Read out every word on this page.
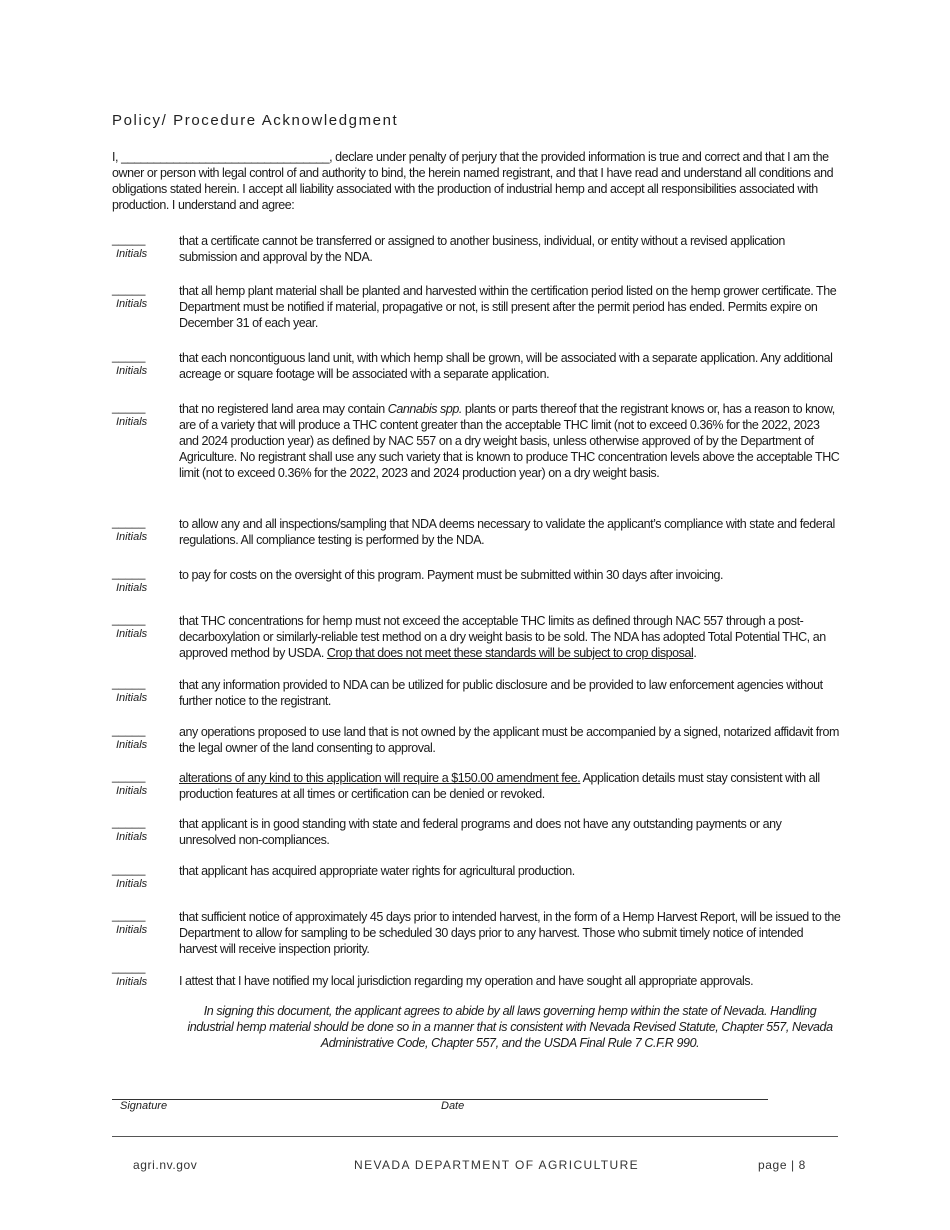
Policy/ Procedure Acknowledgment
I, ________________________________, declare under penalty of perjury that the provided information is true and correct and that I am the owner or person with legal control of and authority to bind, the herein named registrant, and that I have read and understand all conditions and obligations stated herein. I accept all liability associated with the production of industrial hemp and accept all responsibilities associated with production. I understand and agree:
_____
Initials
that a certificate cannot be transferred or assigned to another business, individual, or entity without a revised application submission and approval by the NDA.
_____
Initials
that all hemp plant material shall be planted and harvested within the certification period listed on the hemp grower certificate. The Department must be notified if material, propagative or not, is still present after the permit period has ended. Permits expire on December 31 of each year.
_____
Initials
that each noncontiguous land unit, with which hemp shall be grown, will be associated with a separate application. Any additional acreage or square footage will be associated with a separate application.
_____
Initials
that no registered land area may contain Cannabis spp. plants or parts thereof that the registrant knows or, has a reason to know, are of a variety that will produce a THC content greater than the acceptable THC limit (not to exceed 0.36% for the 2022, 2023 and 2024 production year) as defined by NAC 557 on a dry weight basis, unless otherwise approved of by the Department of Agriculture. No registrant shall use any such variety that is known to produce THC concentration levels above the acceptable THC limit (not to exceed 0.36% for the 2022, 2023 and 2024 production year) on a dry weight basis.
_____
Initials
to allow any and all inspections/sampling that NDA deems necessary to validate the applicant’s compliance with state and federal regulations. All compliance testing is performed by the NDA.
_____
Initials
to pay for costs on the oversight of this program. Payment must be submitted within 30 days after invoicing.
_____
Initials
that THC concentrations for hemp must not exceed the acceptable THC limits as defined through NAC 557 through a post-decarboxylation or similarly-reliable test method on a dry weight basis to be sold. The NDA has adopted Total Potential THC, an approved method by USDA. Crop that does not meet these standards will be subject to crop disposal.
_____
Initials
that any information provided to NDA can be utilized for public disclosure and be provided to law enforcement agencies without further notice to the registrant.
_____
Initials
any operations proposed to use land that is not owned by the applicant must be accompanied by a signed, notarized affidavit from the legal owner of the land consenting to approval.
_____
Initials
alterations of any kind to this application will require a $150.00 amendment fee. Application details must stay consistent with all production features at all times or certification can be denied or revoked.
_____
Initials
that applicant is in good standing with state and federal programs and does not have any outstanding payments or any unresolved non-compliances.
_____
Initials
that applicant has acquired appropriate water rights for agricultural production.
_____
Initials
that sufficient notice of approximately 45 days prior to intended harvest, in the form of a Hemp Harvest Report, will be issued to the Department to allow for sampling to be scheduled 30 days prior to any harvest. Those who submit timely notice of intended harvest will receive inspection priority.
_____
Initials	I attest that I have notified my local jurisdiction regarding my operation and have sought all appropriate approvals.
In signing this document, the applicant agrees to abide by all laws governing hemp within the state of Nevada. Handling industrial hemp material should be done so in a manner that is consistent with Nevada Revised Statute, Chapter 557, Nevada Administrative Code, Chapter 557, and the USDA Final Rule 7 C.F.R 990.
Signature	Date
agri.nv.gov	NEVADA DEPARTMENT OF AGRICULTURE	page | 8
